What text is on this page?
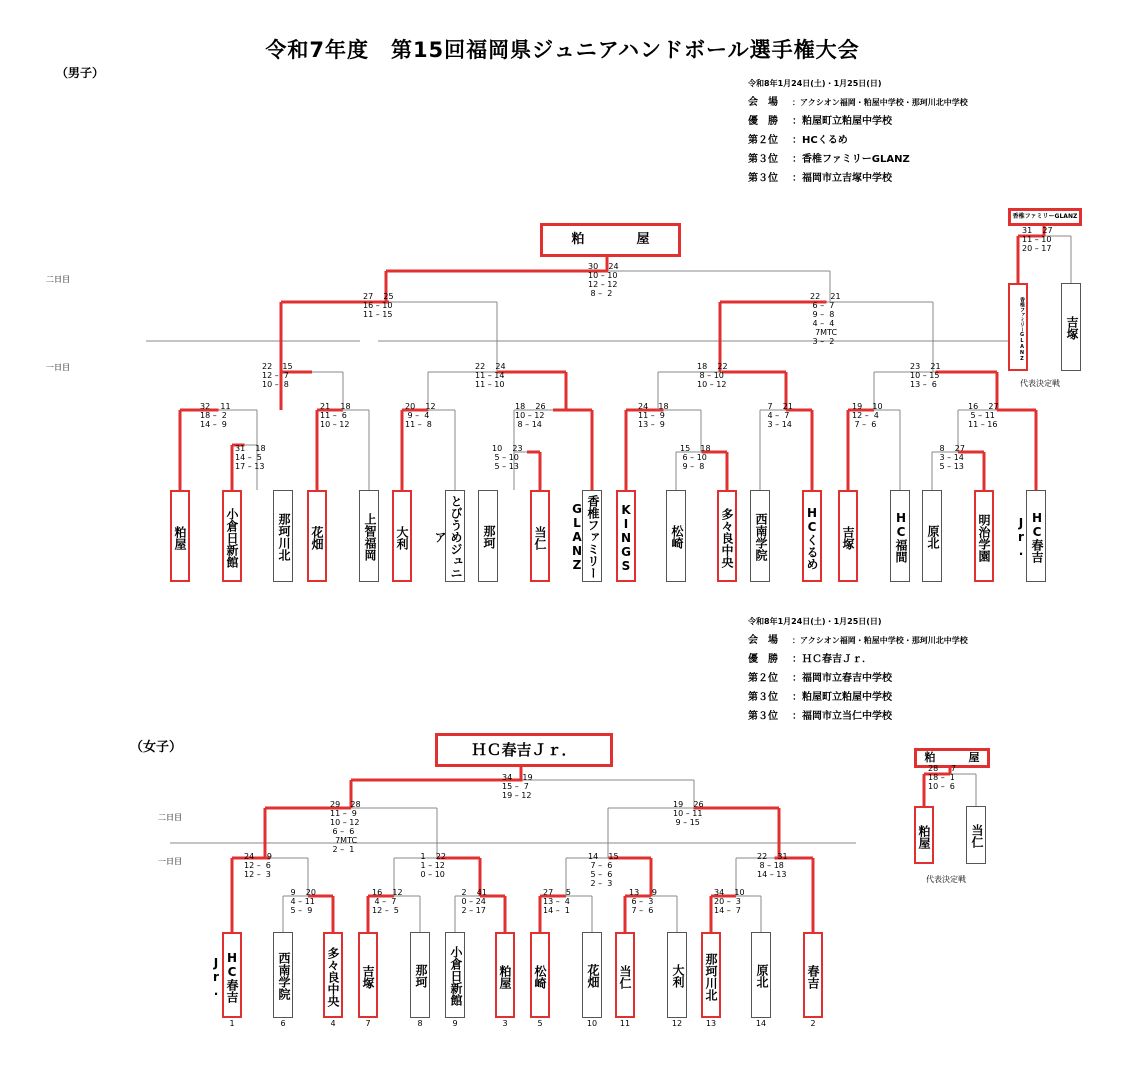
令和7年度　第15回福岡県ジュニアハンドボール選手権大会
（男子）
令和8年1月24日(土)・1月25日(日)
会　場 ：アクシオン福岡・粕屋中学校・那珂川北中学校
優　勝 ：粕屋町立粕屋中学校
第２位 ：HCくるめ
第３位 ：香椎ファミリーGLANZ
第３位 ：福岡市立吉塚中学校
二日目
一日目
（女子）
令和8年1月24日(土)・1月25日(日)
会　場 ：アクシオン福岡・粕屋中学校・那珂川北中学校
優　勝 ：ＨＣ春吉Ｊｒ．
第２位 ：福岡市立春吉中学校
第３位 ：粕屋町立粕屋中学校
第３位 ：福岡市立当仁中学校
二日目
一日目
粕屋	小倉日新館	那珂川北 花畑	上智福岡 大利	とびうめジュニア	那珂	当仁	香椎ファミリーGLANZ	KINGS	松崎	多々良中央 西南学院	HCくるめ 吉塚	HC福間 原北	明治学園	HC春吉Jr.
31    18
14 –  5
17 – 13
32    11
18 –  2
14 –  9
21    18
11 –  6
10 – 12
22    15
12 –  7
10 –  8
20    12
9 –  4
11 –  8
10    23
5 – 10
5 – 13
18    26
10 – 12
8 – 14
22    24
11 – 14
11 – 10
24    18
11 –  9
13 –  9
15    18
6 – 10
9 –  8
7    21
4 –  7
3 – 14
18    22
8 – 10
10 – 12
19    10
12 –  4
7 –  6
8    27
3 – 14
5 – 13
16    27
5 – 11
11 – 16
23    21
10 – 15
13 –  6
27    25
16 – 10
11 – 15
22    21
6 –  7
9 –  8
4 –  4
7MTC
3 –  2
30    24
10 – 10
12 – 12
8 –  2
粕　　　　屋
香椎ファミリーGLANZ
香椎ファミリーGLANZ	吉塚
31    27
11 – 10
20 – 17
代表決定戦
HC春吉Jr.
1
西南学院
6
多々良中央
4
吉塚
7
那珂
8
小倉日新館
9
粕屋
3
松崎
5
花畑
10
当仁
11
大利
12
那珂川北
13
原北
14
春吉
2
9    20
4 – 11
5 –  9
24     9
12 –  6
12 –  3
16    12
4 –  7
12 –  5
2    41
0 – 24
2 – 17
1    22
1 – 12
0 – 10
27     5
13 –  4
14 –  1
13     9
6 –  3
7 –  6
14    15
7 –  6
5 –  6
2 –  3
34    10
20 –  3
14 –  7
22    31
8 – 18
14 – 13
29    28
11 –  9
10 – 12
6 –  6
7MTC
2 –  1
19    26
10 – 11
9 – 15
34    19
15 –  7
19 – 12
ＨＣ春吉Ｊｒ．	粕　　　屋
粕屋	当仁
28     7
18 –  1
10 –  6
代表決定戦
